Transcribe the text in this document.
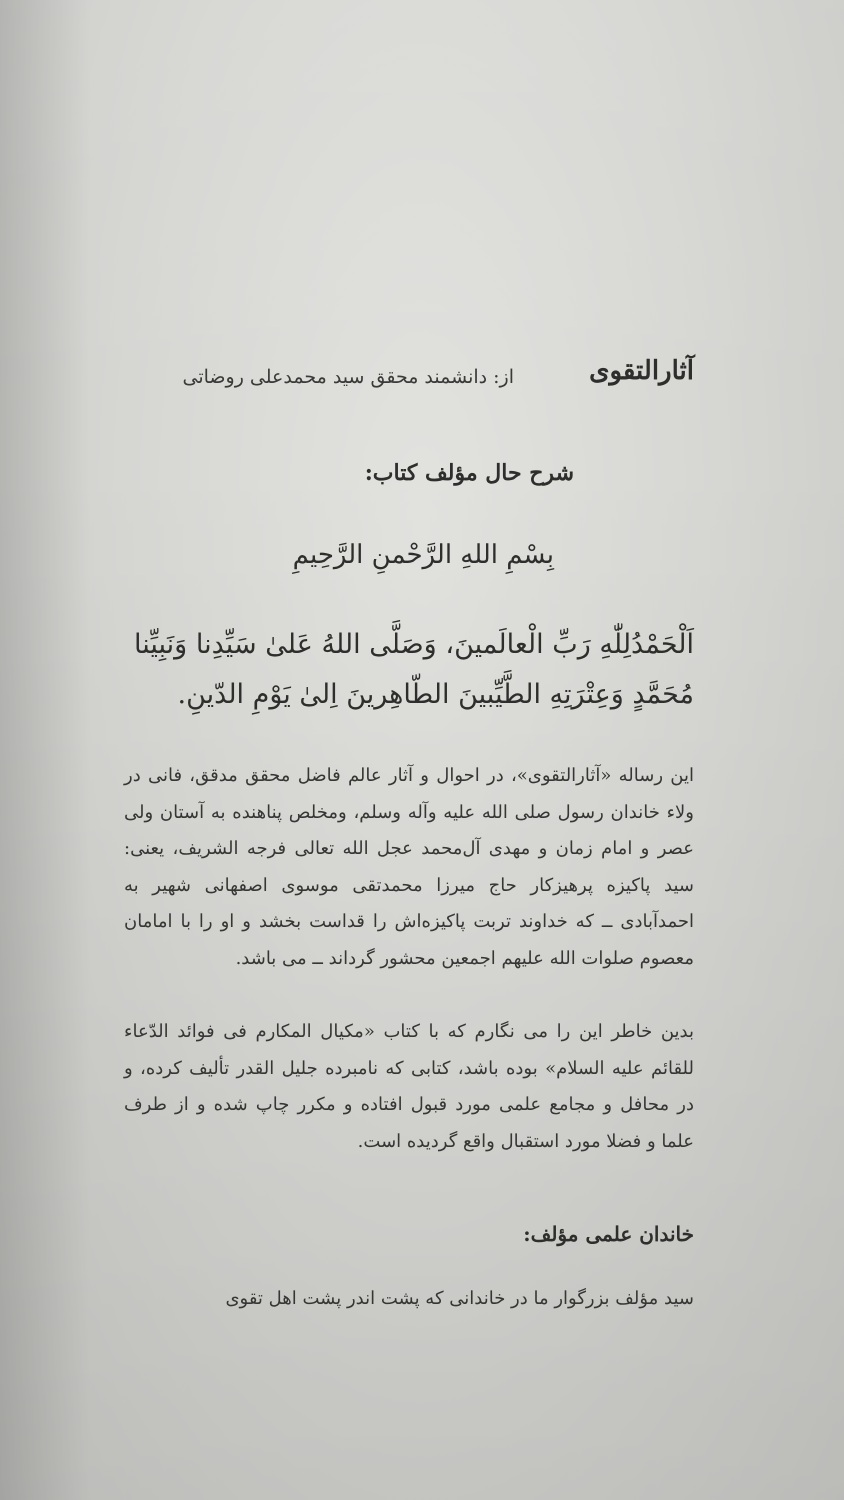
آثارالتقوی
از: دانشمند محقق سید محمدعلی روضاتی
شرح حال مؤلف کتاب:
بِسْمِ اللهِ الرَّحْمنِ الرَّحِیمِ
اَلْحَمْدُلِلّٰهِ رَبِّ الْعالَمینَ، وَصَلَّی اللهُ عَلیٰ سَیِّدِنا وَنَبِیِّنا مُحَمَّدٍ وَعِتْرَتِهِ الطَّیِّبینَ الطّاهِرینَ اِلیٰ یَوْمِ الدّینِ.
این رساله «آثارالتقوی»، در احوال و آثار عالم فاضل محقق مدقق، فانی در ولاء خاندان رسول صلی الله علیه وآله وسلم، ومخلص پناهنده به آستان ولی عصر و امام زمان و مهدی آل‌محمد عجل الله تعالی فرجه الشریف، یعنی: سید پاکیزه پرهیزکار حاج میرزا محمدتقی موسوی اصفهانی شهیر به احمدآبادی ــ که خداوند تربت پاکیزه‌اش را قداست بخشد و او را با امامان معصوم صلوات الله علیهم اجمعین محشور گرداند ــ می باشد.
بدین خاطر این را می نگارم که با کتاب «مکیال المکارم فی فوائد الدّعاء للقائم علیه السلام» بوده باشد، کتابی که نامبرده جلیل القدر تألیف کرده، و در محافل و مجامع علمی مورد قبول افتاده و مکرر چاپ شده و از طرف علما و فضلا مورد استقبال واقع گردیده است.
خاندان علمی مؤلف:
سید مؤلف بزرگوار ما در خاندانی که پشت اندر پشت اهل تقوی
